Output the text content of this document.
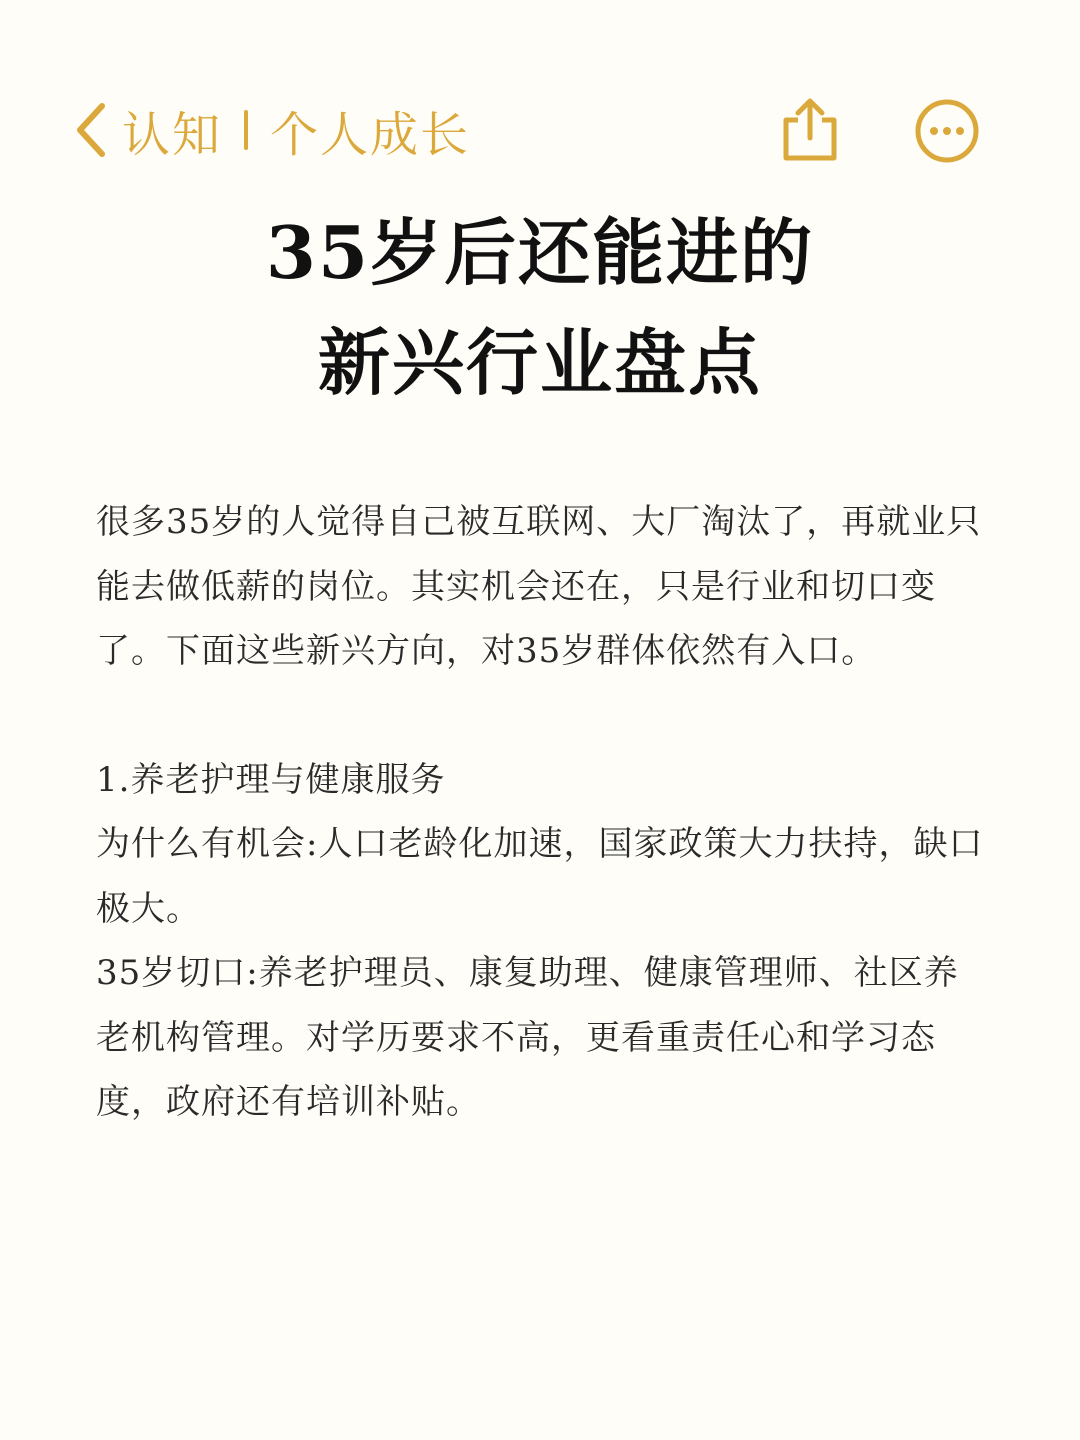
认知 个人成长
35岁后还能进的
新兴行业盘点

很多35岁的人觉得自己被互联网、大厂淘汰了，再就业只能去做低薪的岗位。其实机会还在，只是行业和切口变了。下面这些新兴方向，对35岁群体依然有入口。

1.养老护理与健康服务

为什么有机会:人口老龄化加速，国家政策大力扶持，缺口极大。

35岁切口:养老护理员、康复助理、健康管理师、社区养老机构管理。对学历要求不高，更看重责任心和学习态度，政府还有培训补贴。
